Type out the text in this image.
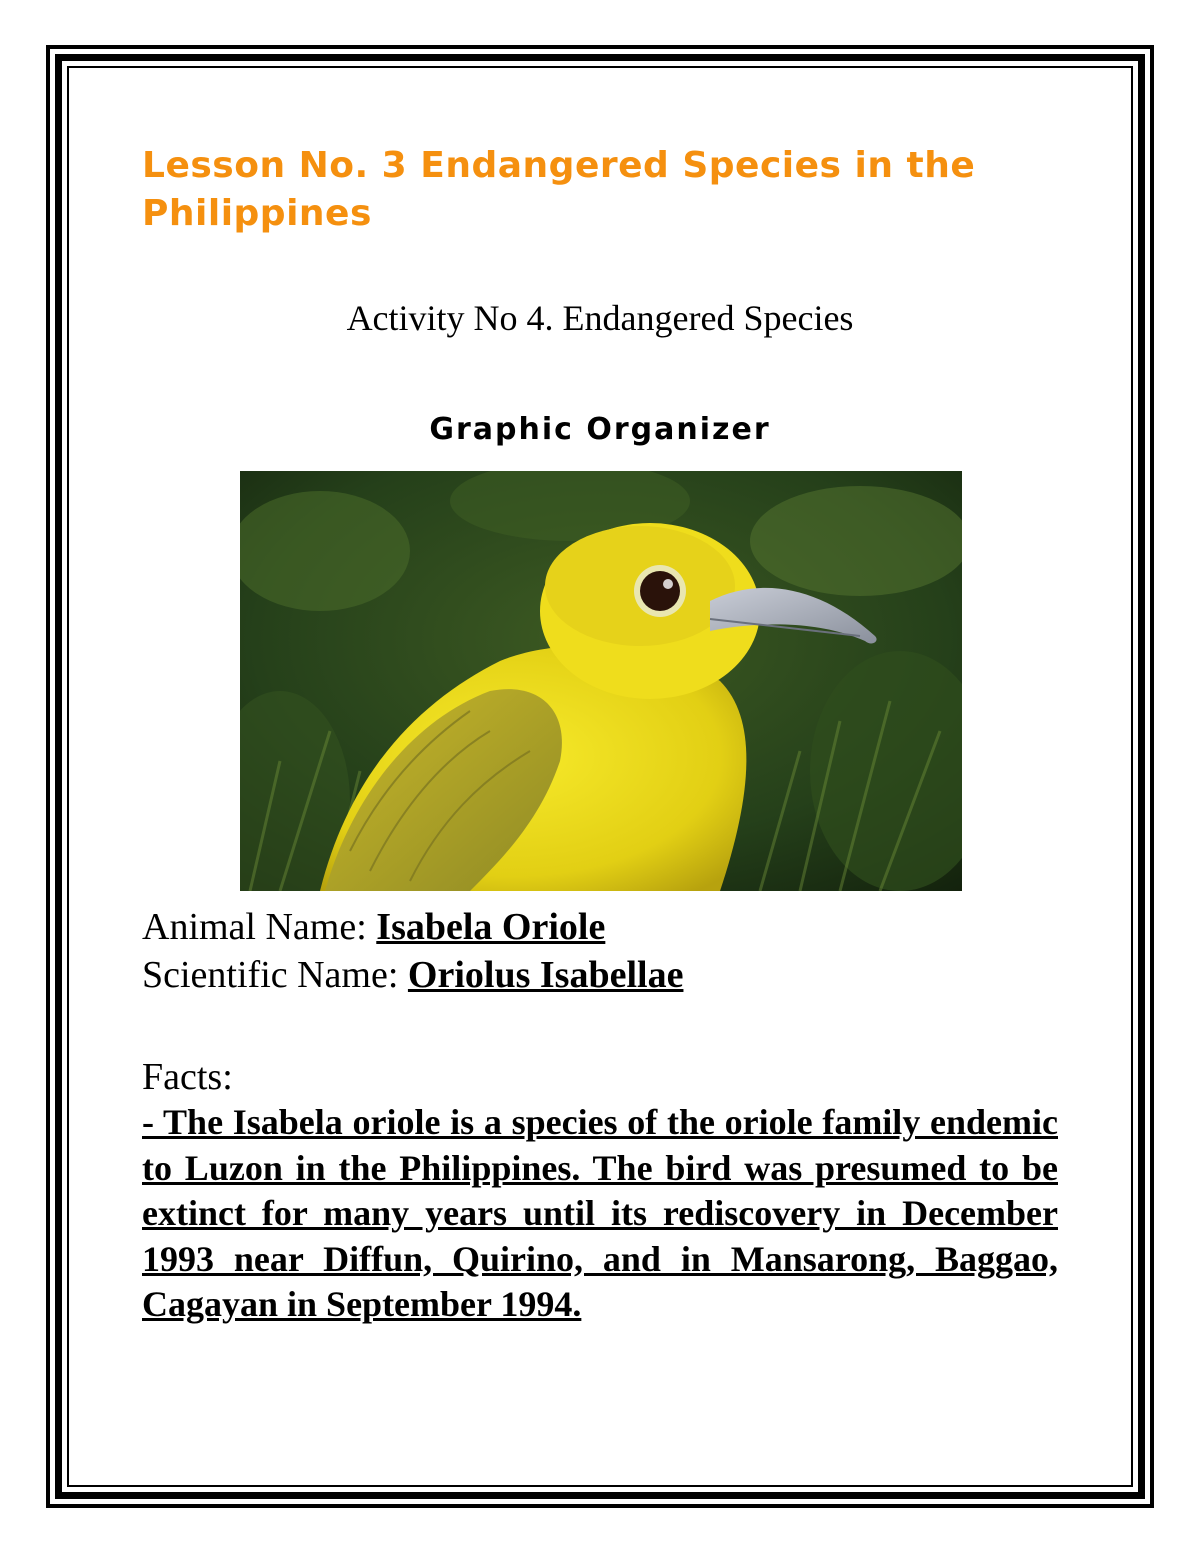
Lesson No. 3 Endangered Species in the Philippines
Activity No 4. Endangered Species
Graphic Organizer
Animal Name: Isabela Oriole
Scientific Name: Oriolus Isabellae
Facts:

- The Isabela oriole is a species of the oriole family endemic to Luzon in the Philippines. The bird was presumed to be extinct for many years until its rediscovery in December 1993 near Diffun, Quirino, and in Mansarong, Baggao, Cagayan in September 1994.
